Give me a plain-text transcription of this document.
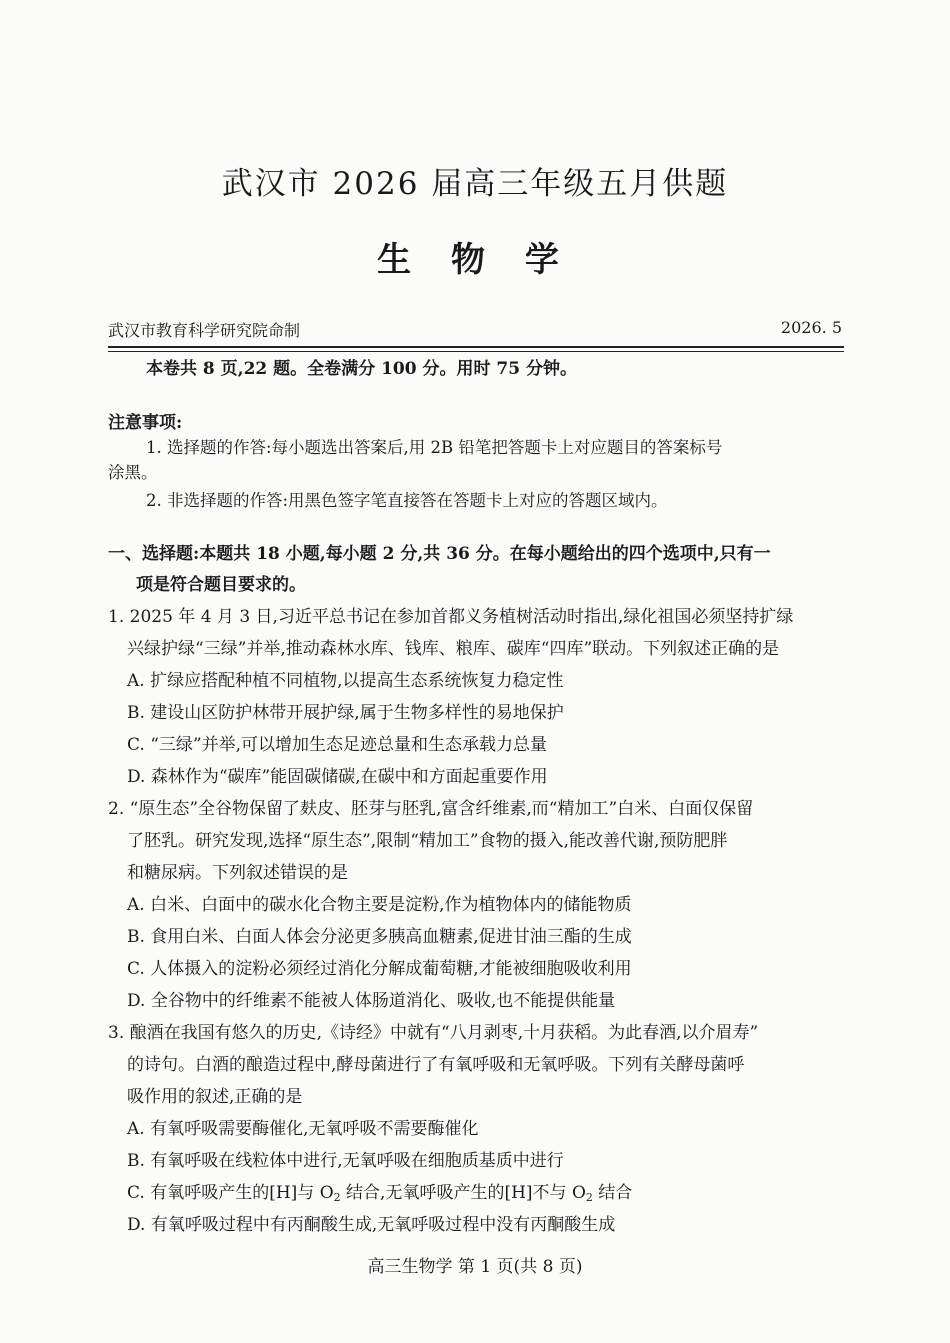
武汉市 2026 届高三年级五月供题
生 物 学
武汉市教育科学研究院命制	2026. 5
本卷共 8 页,22 题。全卷满分 100 分。用时 75 分钟。
注意事项:
1. 选择题的作答:每小题选出答案后,用 2B 铅笔把答题卡上对应题目的答案标号
涂黑。
2. 非选择题的作答:用黑色签字笔直接答在答题卡上对应的答题区域内。
一、选择题:本题共 18 小题,每小题 2 分,共 36 分。在每小题给出的四个选项中,只有一
项是符合题目要求的。
1. 2025 年 4 月 3 日,习近平总书记在参加首都义务植树活动时指出,绿化祖国必须坚持扩绿
兴绿护绿“三绿”并举,推动森林水库、钱库、粮库、碳库“四库”联动。下列叙述正确的是
A. 扩绿应搭配种植不同植物,以提高生态系统恢复力稳定性
B. 建设山区防护林带开展护绿,属于生物多样性的易地保护
C. “三绿”并举,可以增加生态足迹总量和生态承载力总量
D. 森林作为“碳库”能固碳储碳,在碳中和方面起重要作用
2. “原生态”全谷物保留了麸皮、胚芽与胚乳,富含纤维素,而“精加工”白米、白面仅保留
了胚乳。研究发现,选择“原生态”,限制“精加工”食物的摄入,能改善代谢,预防肥胖
和糖尿病。下列叙述错误的是
A. 白米、白面中的碳水化合物主要是淀粉,作为植物体内的储能物质
B. 食用白米、白面人体会分泌更多胰高血糖素,促进甘油三酯的生成
C. 人体摄入的淀粉必须经过消化分解成葡萄糖,才能被细胞吸收利用
D. 全谷物中的纤维素不能被人体肠道消化、吸收,也不能提供能量
3. 酿酒在我国有悠久的历史,《诗经》中就有“八月剥枣,十月获稻。为此春酒,以介眉寿”
的诗句。白酒的酿造过程中,酵母菌进行了有氧呼吸和无氧呼吸。下列有关酵母菌呼
吸作用的叙述,正确的是
A. 有氧呼吸需要酶催化,无氧呼吸不需要酶催化
B. 有氧呼吸在线粒体中进行,无氧呼吸在细胞质基质中进行
C. 有氧呼吸产生的[H]与 $O_2$ 结合,无氧呼吸产生的[H]不与 $O_2$ 结合
D. 有氧呼吸过程中有丙酮酸生成,无氧呼吸过程中没有丙酮酸生成
高三生物学 第 1 页(共 8 页)
